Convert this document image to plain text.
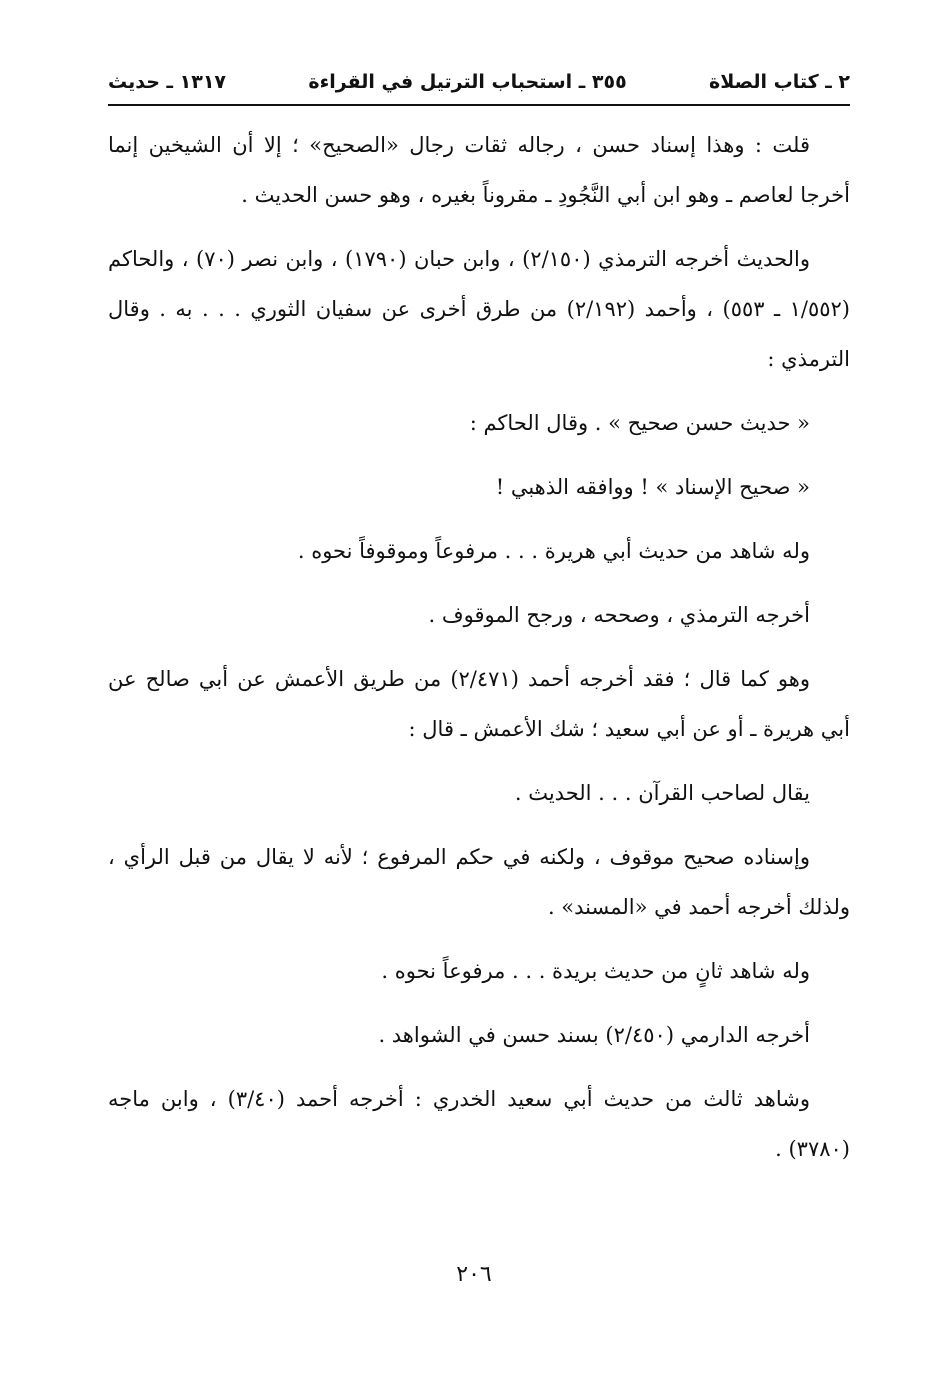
٢ ـ كتاب الصلاة
٣٥٥ ـ استحباب الترتيل في القراءة
١٣١٧ ـ حديث

قلت : وهذا إسناد حسن ، رجاله ثقات رجال «الصحيح» ؛ إلا أن الشيخين إنما أخرجا لعاصم ـ وهو ابن أبي النَّجُودِ ـ مقروناً بغيره ، وهو حسن الحديث .

والحديث أخرجه الترمذي (٢/١٥٠) ، وابن حبان (١٧٩٠) ، وابن نصر (٧٠) ، والحاكم (١/٥٥٢ ـ ٥٥٣) ، وأحمد (٢/١٩٢) من طرق أخرى عن سفيان الثوري . . . به . وقال الترمذي :

« حديث حسن صحيح » . وقال الحاكم :

« صحيح الإسناد » ! ووافقه الذهبي !

وله شاهد من حديث أبي هريرة . . . مرفوعاً وموقوفاً نحوه .

أخرجه الترمذي ، وصححه ، ورجح الموقوف .

وهو كما قال ؛ فقد أخرجه أحمد (٢/٤٧١) من طريق الأعمش عن أبي صالح عن أبي هريرة ـ أو عن أبي سعيد ؛ شك الأعمش ـ قال :

يقال لصاحب القرآن . . . الحديث .

وإسناده صحيح موقوف ، ولكنه في حكم المرفوع ؛ لأنه لا يقال من قبل الرأي ، ولذلك أخرجه أحمد في «المسند» .

وله شاهد ثانٍ من حديث بريدة . . . مرفوعاً نحوه .

أخرجه الدارمي (٢/٤٥٠) بسند حسن في الشواهد .

وشاهد ثالث من حديث أبي سعيد الخدري : أخرجه أحمد (٣/٤٠) ، وابن ماجه (٣٧٨٠) .

٢٠٦
